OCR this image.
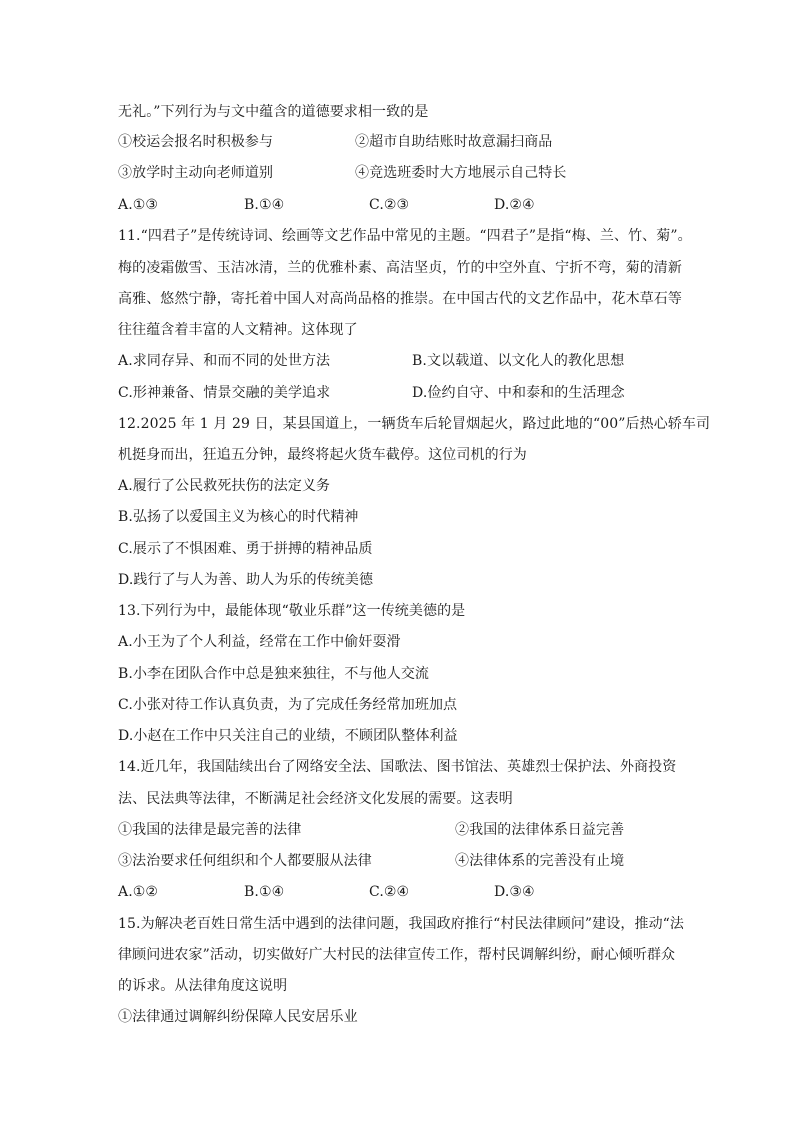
无礼。”下列行为与文中蕴含的道德要求相一致的是
①校运会报名时积极参与	②超市自助结账时故意漏扫商品
③放学时主动向老师道别	④竞选班委时大方地展示自己特长
A.①③	B.①④	C.②③	D.②④
11.“四君子”是传统诗词、绘画等文艺作品中常见的主题。“四君子”是指“梅、兰、竹、菊”。
梅的凌霜傲雪、玉洁冰清，兰的优雅朴素、高洁坚贞，竹的中空外直、宁折不弯，菊的清新
高雅、悠然宁静，寄托着中国人对高尚品格的推崇。在中国古代的文艺作品中，花木草石等
往往蕴含着丰富的人文精神。这体现了
A.求同存异、和而不同的处世方法	B.文以载道、以文化人的教化思想
C.形神兼备、情景交融的美学追求	D.俭约自守、中和泰和的生活理念
12.2025 年 1 月 29 日，某县国道上，一辆货车后轮冒烟起火，路过此地的“00”后热心轿车司
机挺身而出，狂追五分钟，最终将起火货车截停。这位司机的行为
A.履行了公民救死扶伤的法定义务
B.弘扬了以爱国主义为核心的时代精神
C.展示了不惧困难、勇于拼搏的精神品质
D.践行了与人为善、助人为乐的传统美德
13.下列行为中，最能体现“敬业乐群”这一传统美德的是
A.小王为了个人利益，经常在工作中偷奸耍滑
B.小李在团队合作中总是独来独往，不与他人交流
C.小张对待工作认真负责，为了完成任务经常加班加点
D.小赵在工作中只关注自己的业绩，不顾团队整体利益
14.近几年，我国陆续出台了网络安全法、国歌法、图书馆法、英雄烈士保护法、外商投资
法、民法典等法律，不断满足社会经济文化发展的需要。这表明
①我国的法律是最完善的法律	②我国的法律体系日益完善
③法治要求任何组织和个人都要服从法律	④法律体系的完善没有止境
A.①②	B.①④	C.②④	D.③④
15.为解决老百姓日常生活中遇到的法律问题，我国政府推行“村民法律顾问”建设，推动“法
律顾问进农家”活动，切实做好广大村民的法律宣传工作，帮村民调解纠纷，耐心倾听群众
的诉求。从法律角度这说明
①法律通过调解纠纷保障人民安居乐业
